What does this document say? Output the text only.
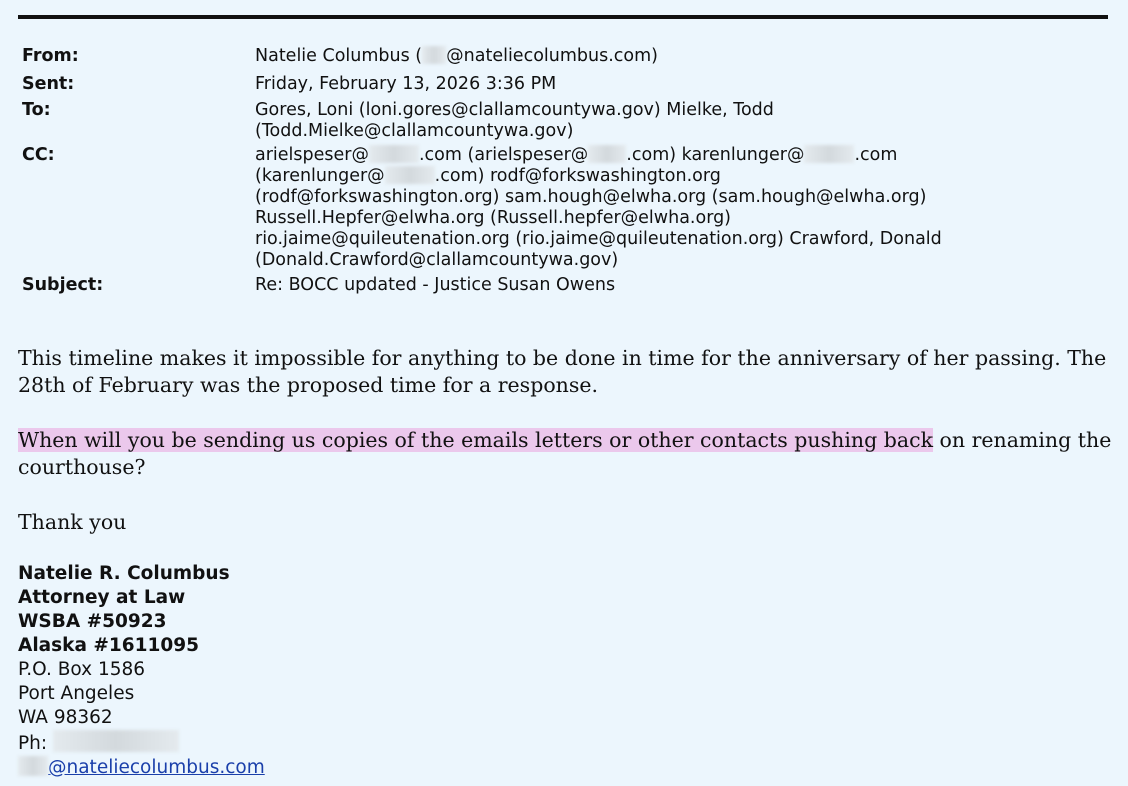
From:	Natelie Columbus ( @nateliecolumbus.com)
Sent:	Friday, February 13, 2026 3:36 PM
To:	Gores, Loni (loni.gores@clallamcountywa.gov) Mielke, Todd
(Todd.Mielke@clallamcountywa.gov)
CC:	arielspeser@	.com (arielspeser@ .com) karenlunger@	.com
(karenlunger@	.com) rodf@forkswashington.org
(rodf@forkswashington.org) sam.hough@elwha.org (sam.hough@elwha.org)
Russell.Hepfer@elwha.org (Russell.hepfer@elwha.org)
rio.jaime@quileutenation.org (rio.jaime@quileutenation.org) Crawford, Donald
(Donald.Crawford@clallamcountywa.gov)
Subject:	Re: BOCC updated - Justice Susan Owens
This timeline makes it impossible for anything to be done in time for the anniversary of her passing. The 28th of February was the proposed time for a response.
When will you be sending us copies of the emails letters or other contacts pushing back on renaming the courthouse?
Thank you
Natelie R. Columbus
Attorney at Law
WSBA #50923
Alaska #1611095
P.O. Box 1586
Port Angeles
WA 98362
Ph:
@nateliecolumbus.com
